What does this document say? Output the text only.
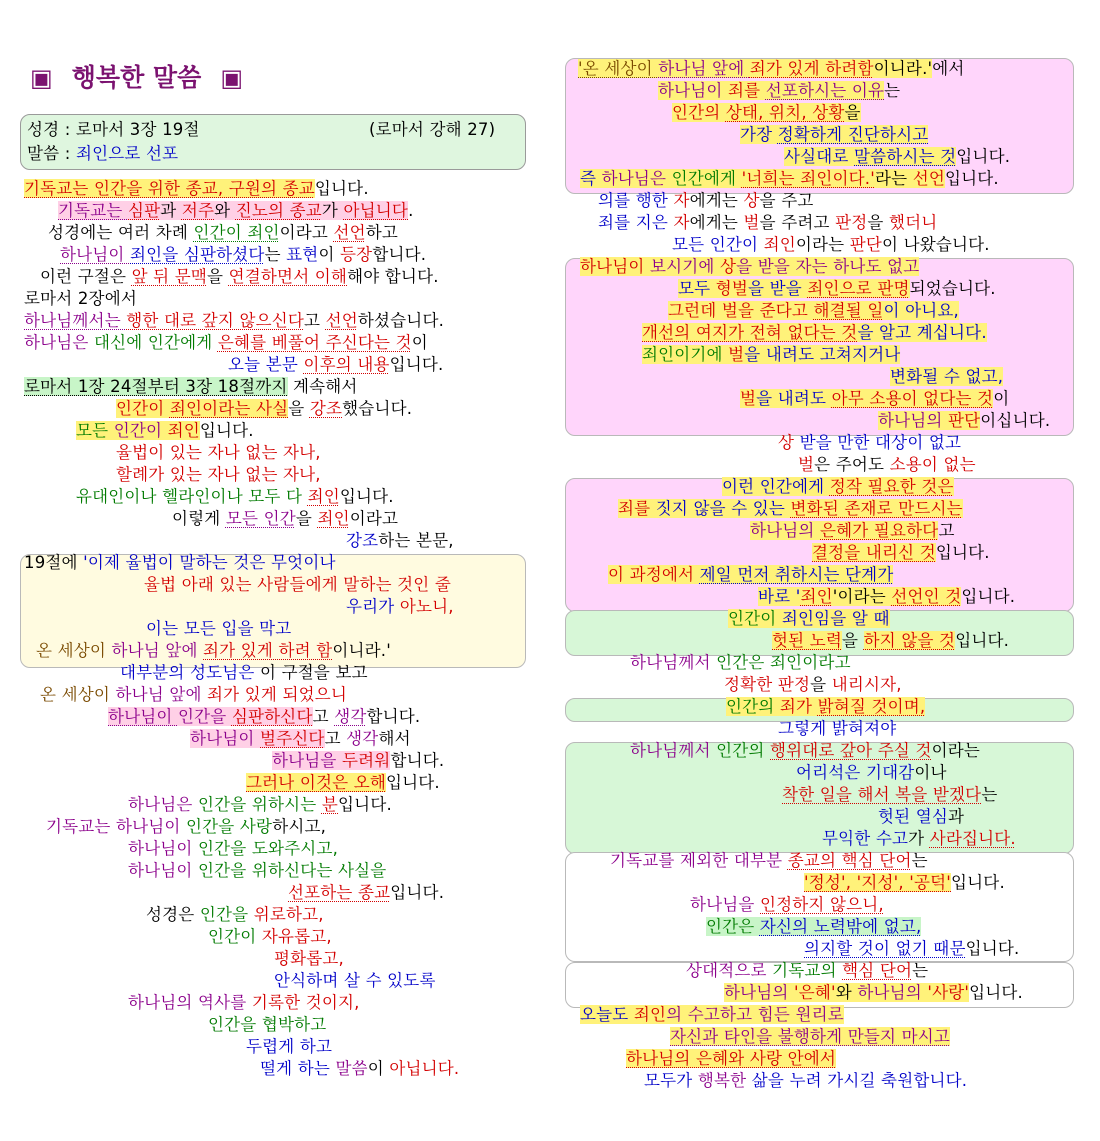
▣ 행복한 말씀 ▣
성경 : 로마서 3장 19절	(로마서 강해 27)
말씀 : 죄인으로 선포
기독교는 인간을 위한 종교, 구원의 종교입니다.
기독교는 심판과 저주와 진노의 종교가 아닙니다.
성경에는 여러 차례 인간이 죄인이라고 선언하고
하나님이 죄인을 심판하셨다는 표현이 등장합니다.
이런 구절은 앞 뒤 문맥을 연결하면서 이해해야 합니다.
로마서 2장에서
하나님께서는 행한 대로 갚지 않으신다고 선언하셨습니다.
하나님은 대신에 인간에게 은혜를 베풀어 주신다는 것이
오늘 본문 이후의 내용입니다.
로마서 1장 24절부터 3장 18절까지 계속해서
인간이 죄인이라는 사실을 강조했습니다.
모든 인간이 죄인입니다.
율법이 있는 자나 없는 자나,
할례가 있는 자나 없는 자나,
유대인이나 헬라인이나 모두 다 죄인입니다.
이렇게 모든 인간을 죄인이라고
강조하는 본문,
19절에 '이제 율법이 말하는 것은 무엇이나
율법 아래 있는 사람들에게 말하는 것인 줄
우리가 아노니,
이는 모든 입을 막고
온 세상이 하나님 앞에 죄가 있게 하려 함이니라.'
대부분의 성도님은 이 구절을 보고
온 세상이 하나님 앞에 죄가 있게 되었으니
하나님이 인간을 심판하신다고 생각합니다.
하나님이 벌주신다고 생각해서
하나님을 두려워합니다.
그러나 이것은 오해입니다.
하나님은 인간을 위하시는 분입니다.
기독교는 하나님이 인간을 사랑하시고,
하나님이 인간을 도와주시고,
하나님이 인간을 위하신다는 사실을
선포하는 종교입니다.
성경은 인간을 위로하고,
인간이 자유롭고,
평화롭고,
안식하며 살 수 있도록
하나님의 역사를 기록한 것이지,
인간을 협박하고
두렵게 하고
떨게 하는 말씀이 아닙니다.
'온 세상이 하나님 앞에 죄가 있게 하려함이니라.'에서
하나님이 죄를 선포하시는 이유는
인간의 상태, 위치, 상황을
가장 정확하게 진단하시고
사실대로 말씀하시는 것입니다.
즉 하나님은 인간에게 '너희는 죄인이다.'라는 선언입니다.
의를 행한 자에게는 상을 주고
죄를 지은 자에게는 벌을 주려고 판정을 했더니
모든 인간이 죄인이라는 판단이 나왔습니다.
하나님이 보시기에 상을 받을 자는 하나도 없고
모두 형벌을 받을 죄인으로 판명되었습니다.
그런데 벌을 준다고 해결될 일이 아니요,
개선의 여지가 전혀 없다는 것을 알고 계십니다.
죄인이기에 벌을 내려도 고쳐지거나
변화될 수 없고,
벌을 내려도 아무 소용이 없다는 것이
하나님의 판단이십니다.
상 받을 만한 대상이 없고
벌은 주어도 소용이 없는
이런 인간에게 정작 필요한 것은
죄를 짓지 않을 수 있는 변화된 존재로 만드시는
하나님의 은혜가 필요하다고
결정을 내리신 것입니다.
이 과정에서 제일 먼저 취하시는 단계가
바로 '죄인'이라는 선언인 것입니다.
인간이 죄인임을 알 때
헛된 노력을 하지 않을 것입니다.
하나님께서 인간은 죄인이라고
정확한 판정을 내리시자,
인간의 죄가 밝혀질 것이며,
그렇게 밝혀져야
하나님께서 인간의 행위대로 갚아 주실 것이라는
어리석은 기대감이나
착한 일을 해서 복을 받겠다는
헛된 열심과
무익한 수고가 사라집니다.
기독교를 제외한 대부분 종교의 핵심 단어는
'정성', '지성', '공덕'입니다.
하나님을 인정하지 않으니,
인간은 자신의 노력밖에 없고,
의지할 것이 없기 때문입니다.
상대적으로 기독교의 핵심 단어는
하나님의 '은혜'와 하나님의 '사랑'입니다.
오늘도 죄인의 수고하고 힘든 원리로
자신과 타인을 불행하게 만들지 마시고
하나님의 은혜와 사랑 안에서
모두가 행복한 삶을 누려 가시길 축원합니다.
